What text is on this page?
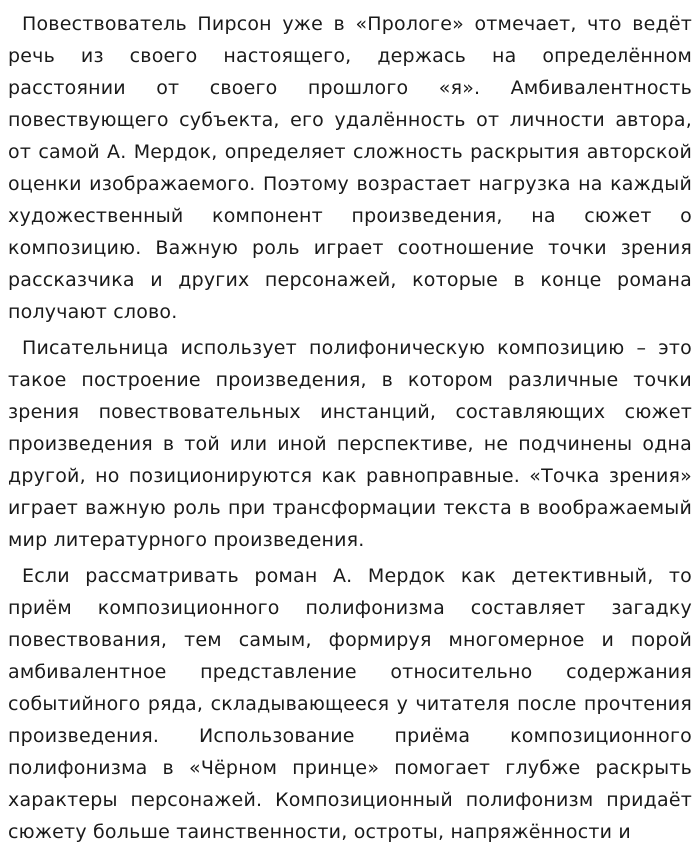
Повествователь Пирсон уже в «Прологе» отмечает, что ведёт речь из своего настоящего, держась на определённом расстоянии от своего прошлого «я». Амбивалентность повествующего субъекта, его удалённость от личности автора, от самой А. Мердок, определяет сложность раскрытия авторской оценки изображаемого. Поэтому возрастает нагрузка на каждый художественный компонент произведения, на сюжет о композицию. Важную роль играет соотношение точки зрения рассказчика и других персонажей, которые в конце романа получают слово.

Писательница использует полифоническую композицию – это такое построение произведения, в котором различные точки зрения повествовательных инстанций, составляющих сюжет произведения в той или иной перспективе, не подчинены одна другой, но позиционируются как равноправные. «Точка зрения» играет важную роль при трансформации текста в воображаемый мир литературного произведения.

Если рассматривать роман А. Мердок как детективный, то приём композиционного полифонизма составляет загадку повествования, тем самым, формируя многомерное и порой амбивалентное представление относительно содержания событийного ряда, складывающееся у читателя после прочтения произведения. Использование приёма композиционного полифонизма в «Чёрном принце» помогает глубже раскрыть характеры персонажей. Композиционный полифонизм придаёт сюжету больше таинственности, остроты, напряжённости и
